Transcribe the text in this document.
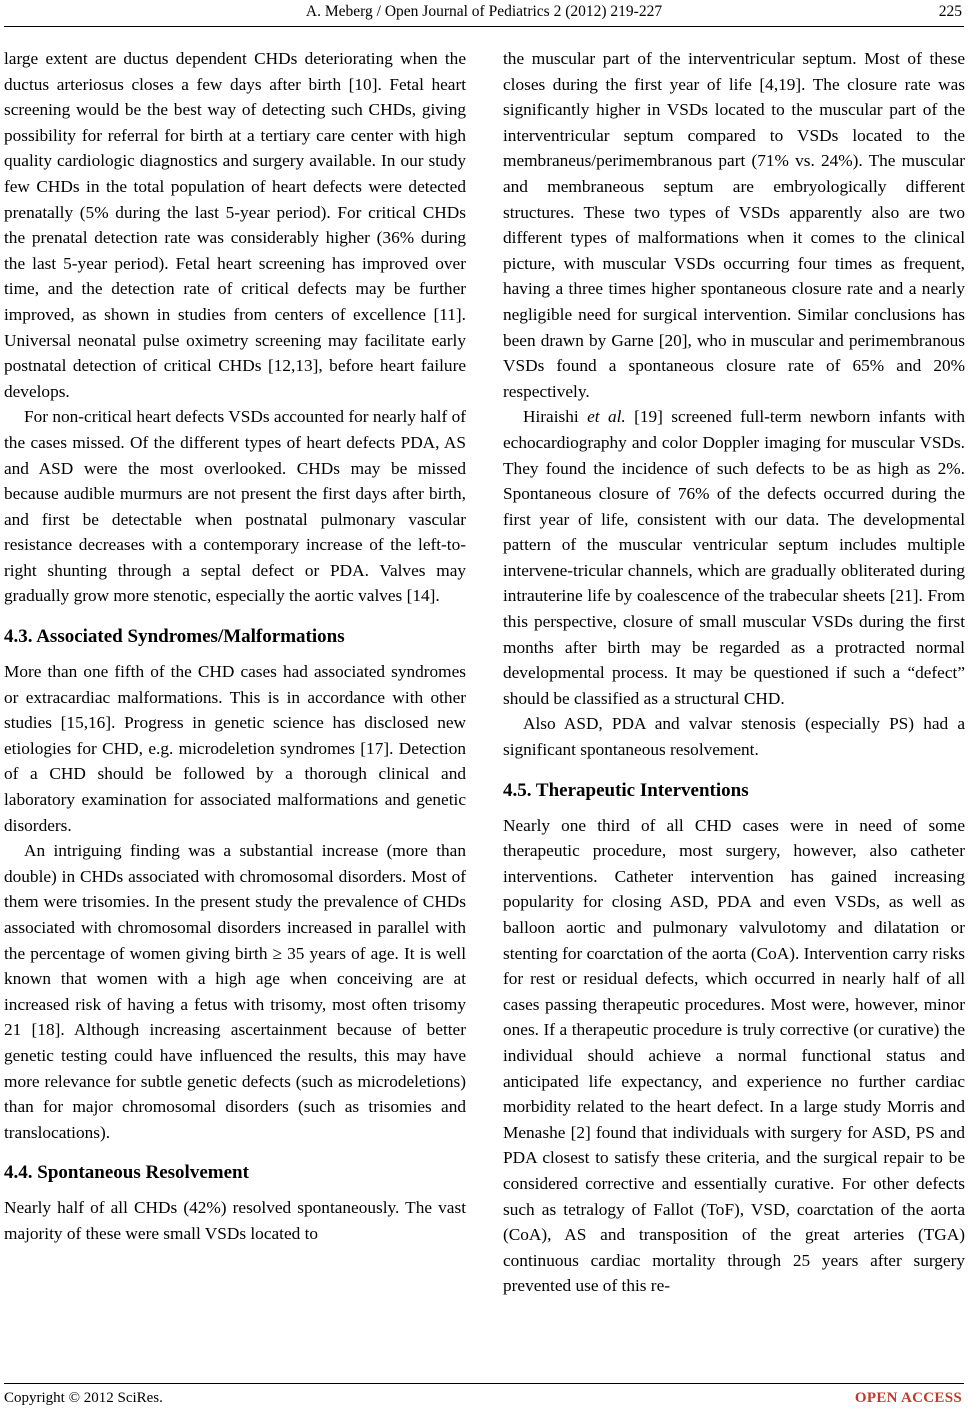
A. Meberg / Open Journal of Pediatrics 2 (2012) 219-227	225

large extent are ductus dependent CHDs deteriorating when the ductus arteriosus closes a few days after birth [10]. Fetal heart screening would be the best way of detecting such CHDs, giving possibility for referral for birth at a tertiary care center with high quality cardiologic diagnostics and surgery available. In our study few CHDs in the total population of heart defects were detected prenatally (5% during the last 5-year period). For critical CHDs the prenatal detection rate was considerably higher (36% during the last 5-year period). Fetal heart screening has improved over time, and the detection rate of critical defects may be further improved, as shown in studies from centers of excellence [11]. Universal neonatal pulse oximetry screening may facilitate early postnatal detection of critical CHDs [12,13], before heart failure develops.

For non-critical heart defects VSDs accounted for nearly half of the cases missed. Of the different types of heart defects PDA, AS and ASD were the most overlooked. CHDs may be missed because audible murmurs are not present the first days after birth, and first be detectable when postnatal pulmonary vascular resistance decreases with a contemporary increase of the left-to-right shunting through a septal defect or PDA. Valves may gradually grow more stenotic, especially the aortic valves [14].

4.3. Associated Syndromes/Malformations

More than one fifth of the CHD cases had associated syndromes or extracardiac malformations. This is in accordance with other studies [15,16]. Progress in genetic science has disclosed new etiologies for CHD, e.g. microdeletion syndromes [17]. Detection of a CHD should be followed by a thorough clinical and laboratory examination for associated malformations and genetic disorders.

An intriguing finding was a substantial increase (more than double) in CHDs associated with chromosomal disorders. Most of them were trisomies. In the present study the prevalence of CHDs associated with chromosomal disorders increased in parallel with the percentage of women giving birth ≥ 35 years of age. It is well known that women with a high age when conceiving are at increased risk of having a fetus with trisomy, most often trisomy 21 [18]. Although increasing ascertainment because of better genetic testing could have influenced the results, this may have more relevance for subtle genetic defects (such as microdeletions) than for major chromosomal disorders (such as trisomies and translocations).

4.4. Spontaneous Resolvement

Nearly half of all CHDs (42%) resolved spontaneously. The vast majority of these were small VSDs located to

the muscular part of the interventricular septum. Most of these closes during the first year of life [4,19]. The closure rate was significantly higher in VSDs located to the muscular part of the interventricular septum compared to VSDs located to the membraneus/perimembranous part (71% vs. 24%). The muscular and membraneous septum are embryologically different structures. These two types of VSDs apparently also are two different types of malformations when it comes to the clinical picture, with muscular VSDs occurring four times as frequent, having a three times higher spontaneous closure rate and a nearly negligible need for surgical intervention. Similar conclusions has been drawn by Garne [20], who in muscular and perimembranous VSDs found a spontaneous closure rate of 65% and 20% respectively.

Hiraishi et al. [19] screened full-term newborn infants with echocardiography and color Doppler imaging for muscular VSDs. They found the incidence of such defects to be as high as 2%. Spontaneous closure of 76% of the defects occurred during the first year of life, consistent with our data. The developmental pattern of the muscular ventricular septum includes multiple intervene-tricular channels, which are gradually obliterated during intrauterine life by coalescence of the trabecular sheets [21]. From this perspective, closure of small muscular VSDs during the first months after birth may be regarded as a protracted normal developmental process. It may be questioned if such a “defect” should be classified as a structural CHD.

Also ASD, PDA and valvar stenosis (especially PS) had a significant spontaneous resolvement.

4.5. Therapeutic Interventions

Nearly one third of all CHD cases were in need of some therapeutic procedure, most surgery, however, also catheter interventions. Catheter intervention has gained increasing popularity for closing ASD, PDA and even VSDs, as well as balloon aortic and pulmonary valvulotomy and dilatation or stenting for coarctation of the aorta (CoA). Intervention carry risks for rest or residual defects, which occurred in nearly half of all cases passing therapeutic procedures. Most were, however, minor ones. If a therapeutic procedure is truly corrective (or curative) the individual should achieve a normal functional status and anticipated life expectancy, and experience no further cardiac morbidity related to the heart defect. In a large study Morris and Menashe [2] found that individuals with surgery for ASD, PS and PDA closest to satisfy these criteria, and the surgical repair to be considered corrective and essentially curative. For other defects such as tetralogy of Fallot (ToF), VSD, coarctation of the aorta (CoA), AS and transposition of the great arteries (TGA) continuous cardiac mortality through 25 years after surgery prevented use of this re-

Copyright © 2012 SciRes.	OPEN ACCESS
